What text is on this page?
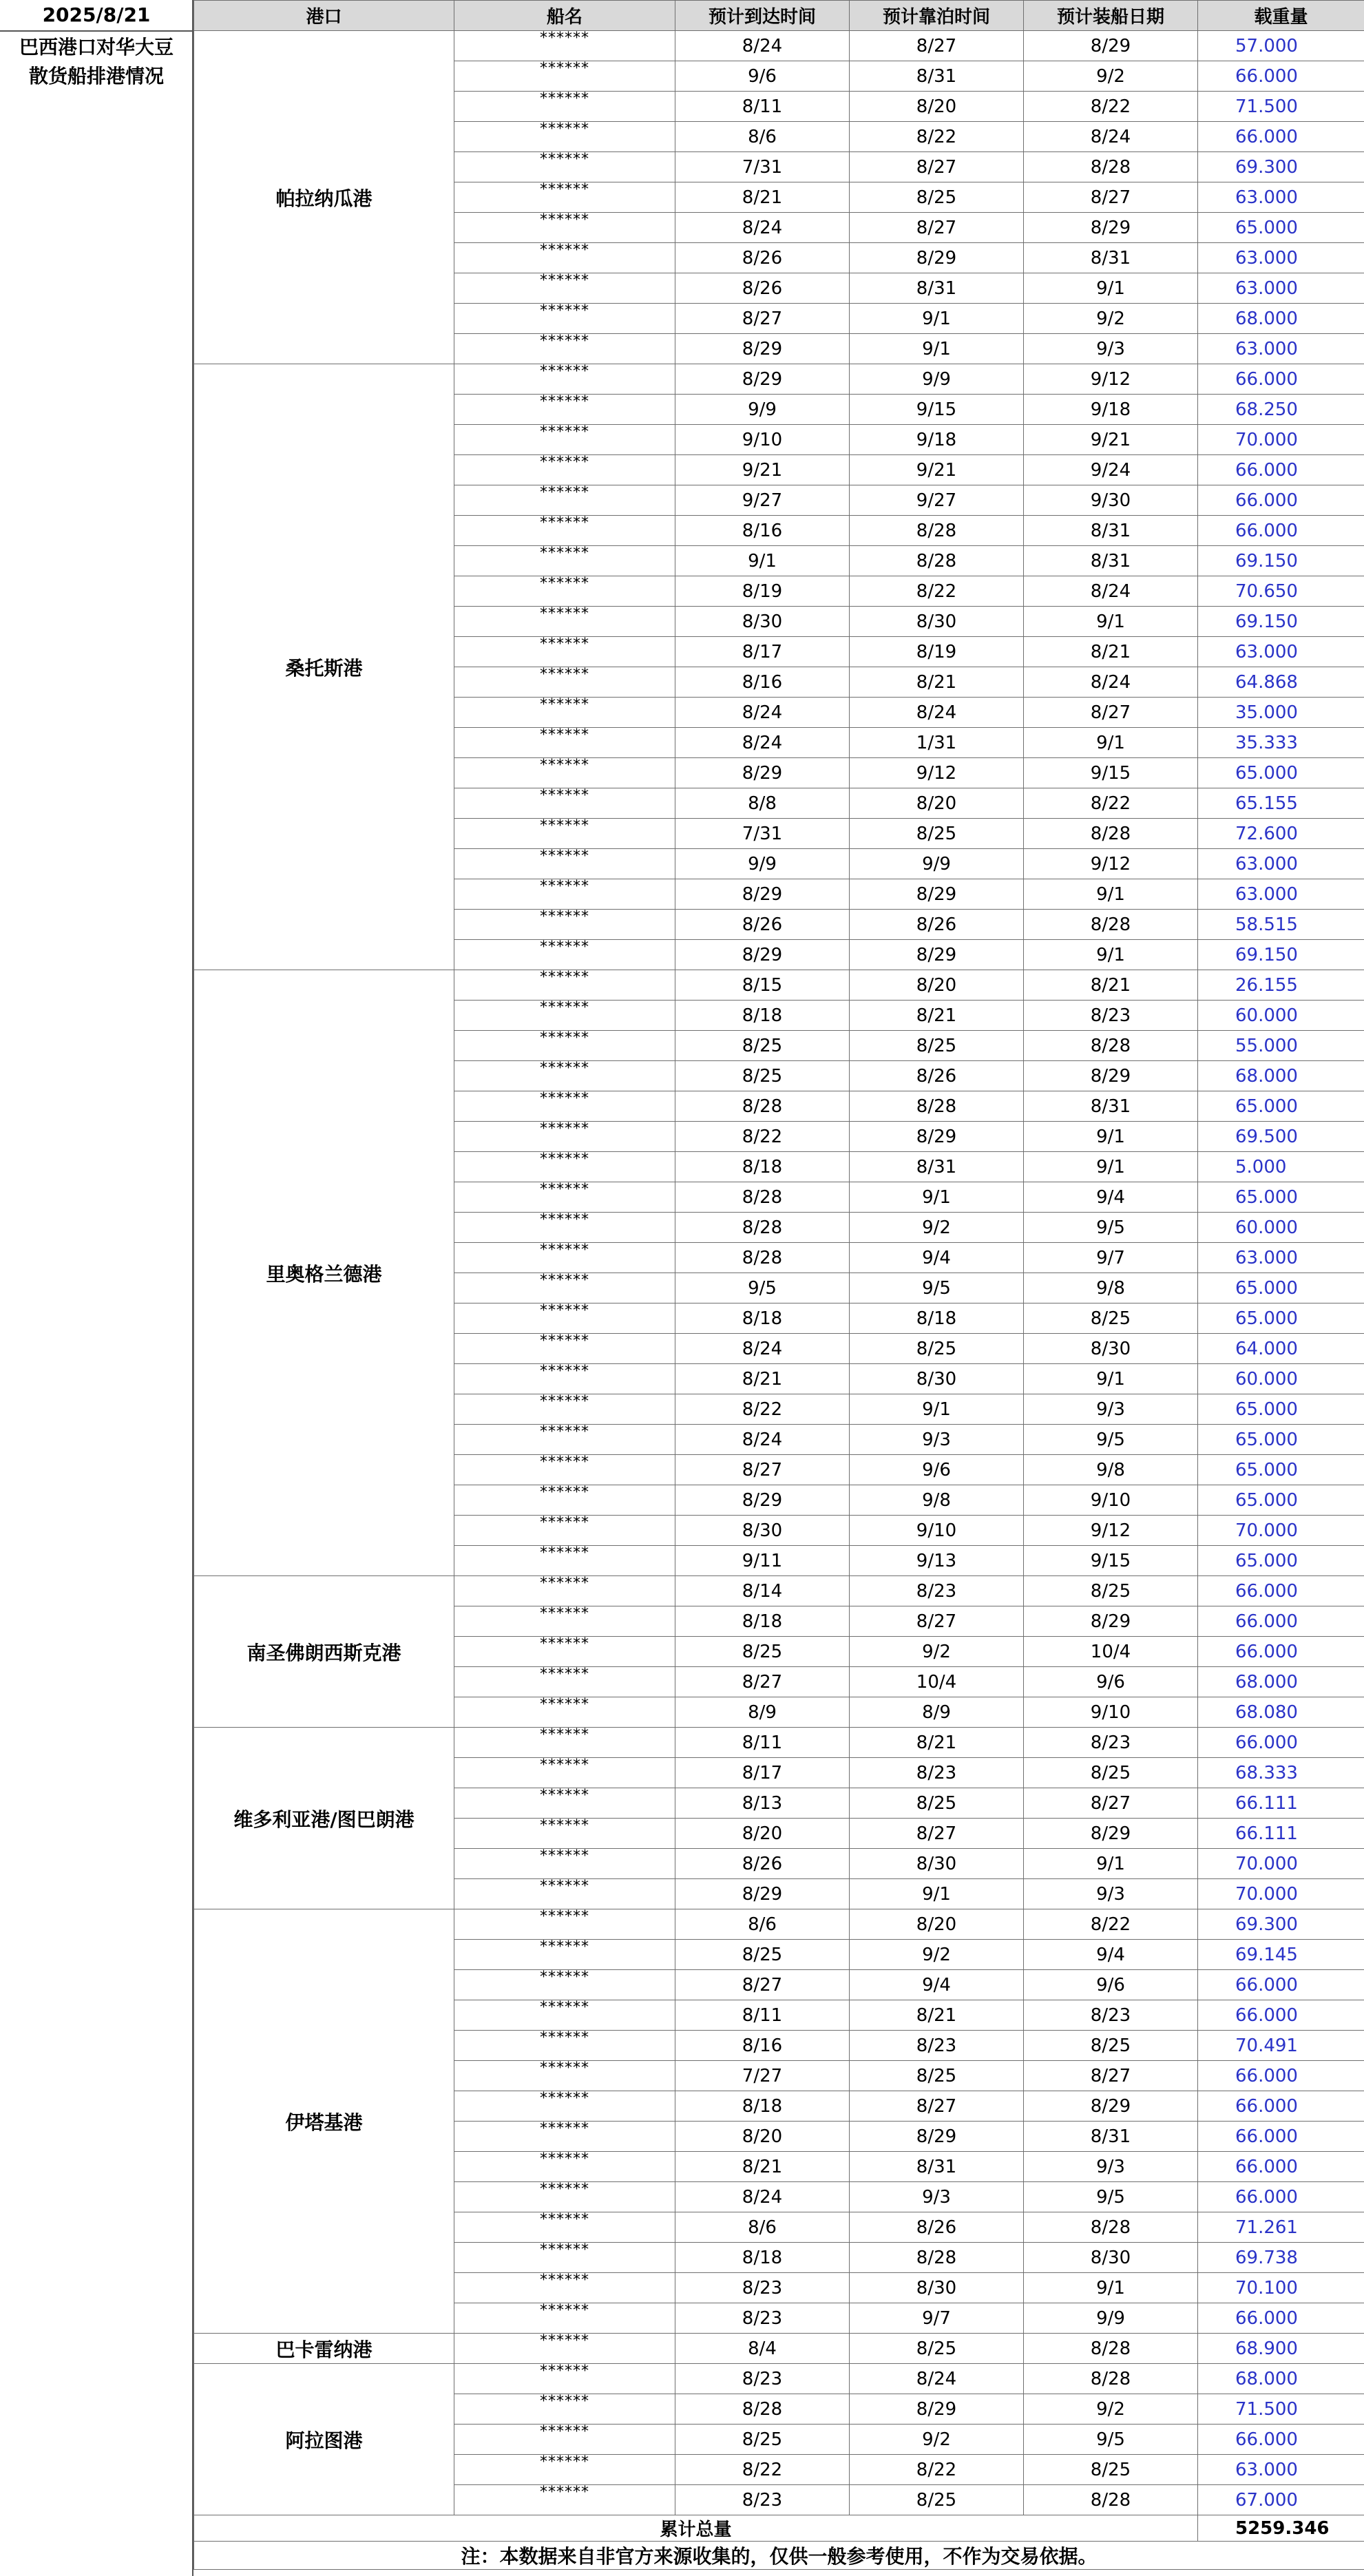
2025/8/21
巴西港口对华大豆
散货船排港情况
港口	船名	预计到达时间	预计靠泊时间	预计装船日期	载重量
帕拉纳瓜港	******	8/24	8/27	8/29	57.000
	******	9/6	8/31	9/2	66.000
	******	8/11	8/20	8/22	71.500
	******	8/6	8/22	8/24	66.000
	******	7/31	8/27	8/28	69.300
	******	8/21	8/25	8/27	63.000
	******	8/24	8/27	8/29	65.000
	******	8/26	8/29	8/31	63.000
	******	8/26	8/31	9/1	63.000
	******	8/27	9/1	9/2	68.000
	******	8/29	9/1	9/3	63.000
桑托斯港	******	8/29	9/9	9/12	66.000
	******	9/9	9/15	9/18	68.250
	******	9/10	9/18	9/21	70.000
	******	9/21	9/21	9/24	66.000
	******	9/27	9/27	9/30	66.000
	******	8/16	8/28	8/31	66.000
	******	9/1	8/28	8/31	69.150
	******	8/19	8/22	8/24	70.650
	******	8/30	8/30	9/1	69.150
	******	8/17	8/19	8/21	63.000
	******	8/16	8/21	8/24	64.868
	******	8/24	8/24	8/27	35.000
	******	8/24	1/31	9/1	35.333
	******	8/29	9/12	9/15	65.000
	******	8/8	8/20	8/22	65.155
	******	7/31	8/25	8/28	72.600
	******	9/9	9/9	9/12	63.000
	******	8/29	8/29	9/1	63.000
	******	8/26	8/26	8/28	58.515
	******	8/29	8/29	9/1	69.150
里奥格兰德港	******	8/15	8/20	8/21	26.155
	******	8/18	8/21	8/23	60.000
	******	8/25	8/25	8/28	55.000
	******	8/25	8/26	8/29	68.000
	******	8/28	8/28	8/31	65.000
	******	8/22	8/29	9/1	69.500
	******	8/18	8/31	9/1	5.000
	******	8/28	9/1	9/4	65.000
	******	8/28	9/2	9/5	60.000
	******	8/28	9/4	9/7	63.000
	******	9/5	9/5	9/8	65.000
	******	8/18	8/18	8/25	65.000
	******	8/24	8/25	8/30	64.000
	******	8/21	8/30	9/1	60.000
	******	8/22	9/1	9/3	65.000
	******	8/24	9/3	9/5	65.000
	******	8/27	9/6	9/8	65.000
	******	8/29	9/8	9/10	65.000
	******	8/30	9/10	9/12	70.000
	******	9/11	9/13	9/15	65.000
南圣佛朗西斯克港	******	8/14	8/23	8/25	66.000
	******	8/18	8/27	8/29	66.000
	******	8/25	9/2	10/4	66.000
	******	8/27	10/4	9/6	68.000
	******	8/9	8/9	9/10	68.080
维多利亚港/图巴朗港	******	8/11	8/21	8/23	66.000
	******	8/17	8/23	8/25	68.333
	******	8/13	8/25	8/27	66.111
	******	8/20	8/27	8/29	66.111
	******	8/26	8/30	9/1	70.000
	******	8/29	9/1	9/3	70.000
伊塔基港	******	8/6	8/20	8/22	69.300
	******	8/25	9/2	9/4	69.145
	******	8/27	9/4	9/6	66.000
	******	8/11	8/21	8/23	66.000
	******	8/16	8/23	8/25	70.491
	******	7/27	8/25	8/27	66.000
	******	8/18	8/27	8/29	66.000
	******	8/20	8/29	8/31	66.000
	******	8/21	8/31	9/3	66.000
	******	8/24	9/3	9/5	66.000
	******	8/6	8/26	8/28	71.261
	******	8/18	8/28	8/30	69.738
	******	8/23	8/30	9/1	70.100
	******	8/23	9/7	9/9	66.000
巴卡雷纳港	******	8/4	8/25	8/28	68.900
阿拉图港	******	8/23	8/24	8/28	68.000
	******	8/28	8/29	9/2	71.500
	******	8/25	9/2	9/5	66.000
	******	8/22	8/22	8/25	63.000
	******	8/23	8/25	8/28	67.000
累计总量					5259.346
注：本数据来自非官方来源收集的，仅供一般参考使用，不作为交易依据。					
